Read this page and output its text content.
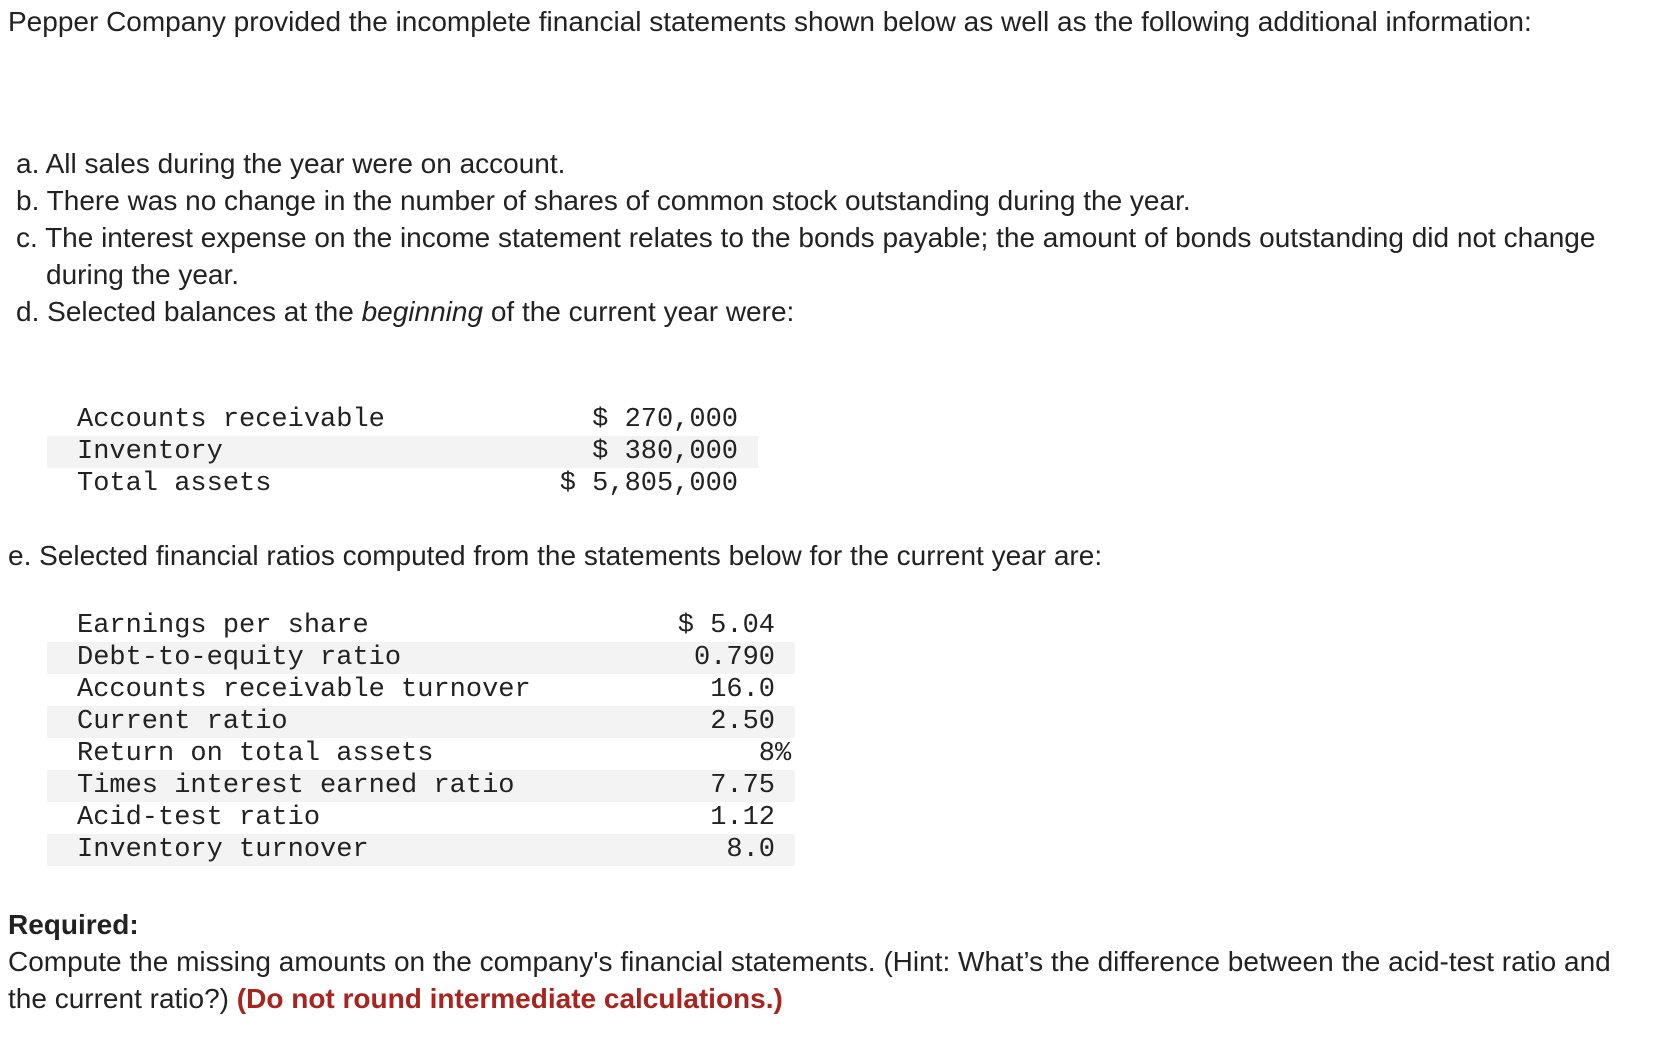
Pepper Company provided the incomplete financial statements shown below as well as the following additional information:

a. All sales during the year were on account.
b. There was no change in the number of shares of common stock outstanding during the year.
c. The interest expense on the income statement relates to the bonds payable; the amount of bonds outstanding did not change during the year.
d. Selected balances at the beginning of the current year were:
Accounts receivable	$ 270,000
Inventory	$ 380,000
Total assets	$ 5,805,000

e. Selected financial ratios computed from the statements below for the current year are:

Earnings per share	$ 5.04
Debt-to-equity ratio	0.790
Accounts receivable turnover	16.0
Current ratio	2.50
Return on total assets	8%
Times interest earned ratio	7.75
Acid-test ratio	1.12
Inventory turnover	8.0

Required:

Compute the missing amounts on the company's financial statements. (Hint: What’s the difference between the acid-test ratio and the current ratio?) (Do not round intermediate calculations.)
